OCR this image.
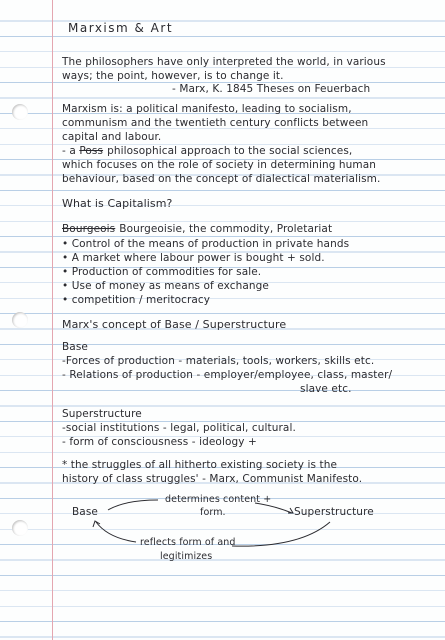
Marxism & Art
The philosophers have only interpreted the world, in various
ways; the point, however, is to change it.
- Marx, K. 1845 Theses on Feuerbach
Marxism is: a political manifesto, leading to socialism,
communism and the twentieth century conflicts between
capital and labour.
- a Poss philosophical approach to the social sciences,
which focuses on the role of society in determining human
behaviour, based on the concept of dialectical materialism.
What is Capitalism?
Bourgeois Bourgeoisie, the commodity, Proletariat
• Control of the means of production in private hands
• A market where labour power is bought + sold.
• Production of commodities for sale.
• Use of money as means of exchange
• competition / meritocracy
Marx's concept of Base / Superstructure
Base
-Forces of production - materials, tools, workers, skills etc.
- Relations of production - employer/employee, class, master/
slave etc.
Superstructure
-social institutions - legal, political, cultural.
- form of consciousness - ideology +
* the struggles of all hitherto existing society is the
history of class struggles' - Marx, Communist Manifesto.
Base	Superstructure
determines content +
form.
reflects form of and
legitimizes
